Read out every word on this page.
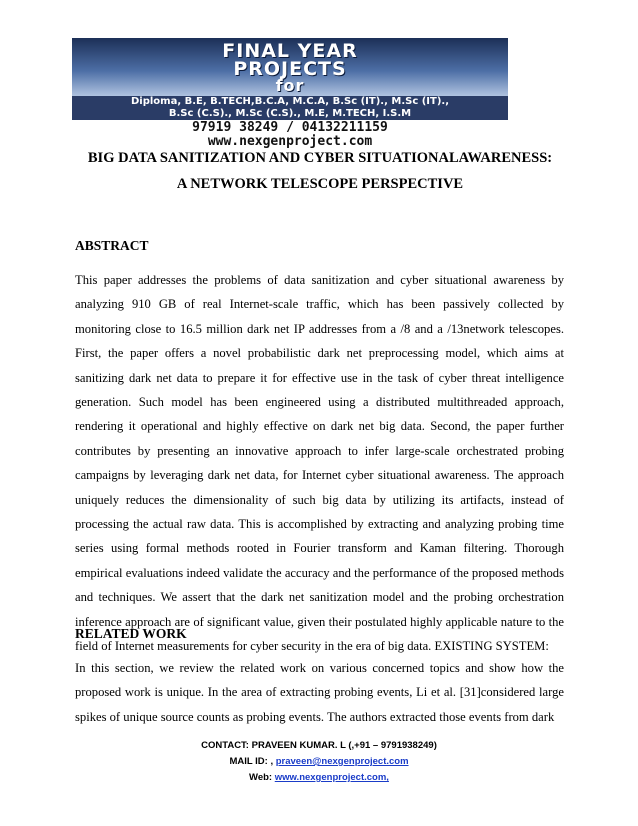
FINAL YEAR
PROJECTS
for
Diploma, B.E, B.TECH,B.C.A, M.C.A, B.Sc (IT)., M.Sc (IT).,
B.Sc (C.S)., M.Sc (C.S)., M.E, M.TECH, I.S.M
97919 38249 / 04132211159
www.nexgenproject.com
BIG DATA SANITIZATION AND CYBER SITUATIONALAWARENESS:
A NETWORK TELESCOPE PERSPECTIVE
ABSTRACT

This paper addresses the problems of data sanitization and cyber situational awareness by analyzing 910 GB of real Internet-scale traffic, which has been passively collected by monitoring close to 16.5 million dark net IP addresses from a /8 and a /13network telescopes. First, the paper offers a novel probabilistic dark net preprocessing model, which aims at sanitizing dark net data to prepare it for effective use in the task of cyber threat intelligence generation. Such model has been engineered using a distributed multithreaded approach, rendering it operational and highly effective on dark net big data. Second, the paper further contributes by presenting an innovative approach to infer large-scale orchestrated probing campaigns by leveraging dark net data, for Internet cyber situational awareness. The approach uniquely reduces the dimensionality of such big data by utilizing its artifacts, instead of processing the actual raw data. This is accomplished by extracting and analyzing probing time series using formal methods rooted in Fourier transform and Kaman filtering. Thorough empirical evaluations indeed validate the accuracy and the performance of the proposed methods and techniques. We assert that the dark net sanitization model and the probing orchestration inference approach are of significant value, given their postulated highly applicable nature to the field of Internet measurements for cyber security in the era of big data. EXISTING SYSTEM:

RELATED WORK

In this section, we review the related work on various concerned topics and show how the proposed work is unique. In the area of extracting probing events, Li et al. [31]considered large spikes of unique source counts as probing events. The authors extracted those events from dark

CONTACT: PRAVEEN KUMAR. L (,+91 – 9791938249)
MAIL ID: , praveen@nexgenproject.com
Web: www.nexgenproject.com,
